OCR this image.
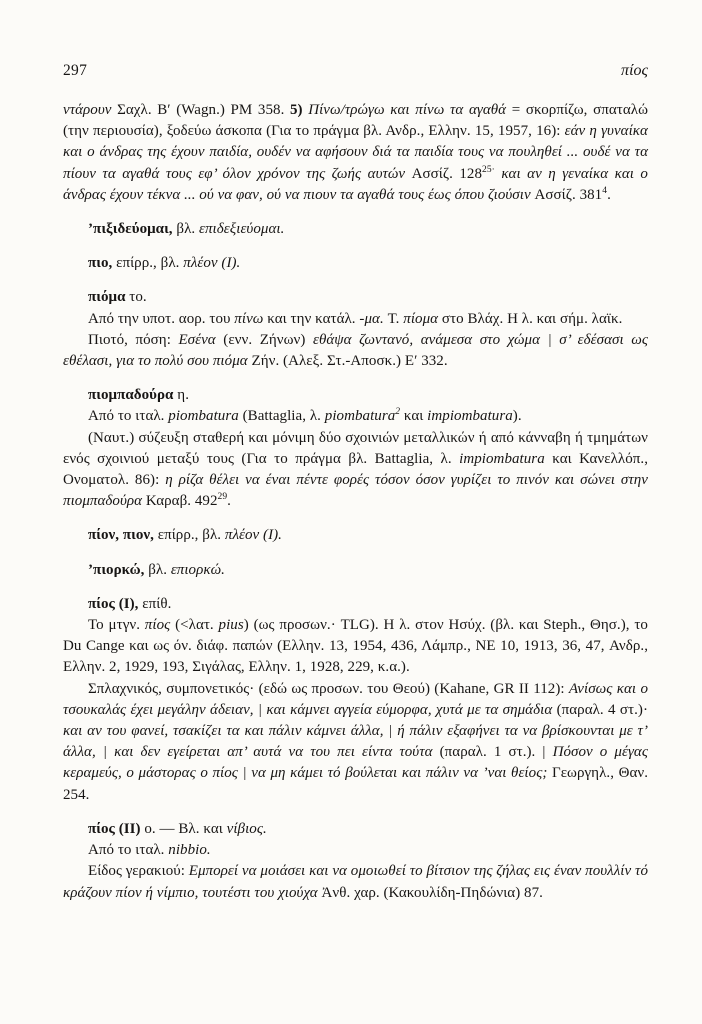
297	πίος

ντάρουν Σαχλ. Β′ (Wagn.) PM 358. 5) Πίνω/τρώγω και πίνω τα αγαθά = σκορπίζω, σπαταλώ (την περιουσία), ξοδεύω άσκοπα (Για το πράγμα βλ. Ανδρ., Ελλην. 15, 1957, 16): εάν η γυναίκα και ο άνδρας της έχουν παιδία, ουδέν να αφήσουν διά τα παιδία τους να πουληθεί ... ουδέ να τα πίουν τα αγαθά τους εφ’ όλον χρόνον της ζωής αυτών Ασσίζ. $128^{25\cdot}$ και αν η γεναίκα και ο άνδρας έχουν τέκνα ... ού να φαν, ού να πιουν τα αγαθά τους έως όπου ζιούσιν Ασσίζ. $381^4$.

’πιξιδεύομαι, βλ. επιδεξιεύομαι.

πιο, επίρρ., βλ. πλέον (Ι).

πιόμα το.

Από την υποτ. αορ. του πίνω και την κατάλ. -μα. Τ. πίομα στο Βλάχ. Η λ. και σήμ. λαϊκ.

Πιοτό, πόση: Εσένα (ενν. Ζήνων) εθάψα ζωντανό, ανάμεσα στο χώμα | σ’ εδέσασι ως εθέλασι, για το πολύ σου πιόμα Ζήν. (Αλεξ. Στ.-Αποσκ.) Ε′ 332.

πιομπαδούρα η.

Από το ιταλ. piombatura (Battaglia, λ. piombatura$^2$ και impiombatura).

(Ναυτ.) σύζευξη σταθερή και μόνιμη δύο σχοινιών μεταλλικών ή από κάνναβη ή τμημάτων ενός σχοινιού μεταξύ τους (Για το πράγμα βλ. Battaglia, λ. impiombatura και Κανελλόπ., Ονοματολ. 86): η ρίζα θέλει να έναι πέντε φορές τόσον όσον γυρίζει το πινόν και σώνει στην πιομπαδούρα Καραβ. $492^{29}$.

πίον, πιον, επίρρ., βλ. πλέον (Ι).

’πιορκώ, βλ. επιορκώ.

πίος (Ι), επίθ.

Το μτγν. πίος (<λατ. pius) (ως προσων.· TLG). Η λ. στον Ησύχ. (βλ. και Steph., Θησ.), το Du Cange και ως όν. διάφ. παπών (Ελλην. 13, 1954, 436, Λάμπρ., NE 10, 1913, 36, 47, Ανδρ., Ελλην. 2, 1929, 193, Σιγάλας, Ελλην. 1, 1928, 229, κ.α.).

Σπλαχνικός, συμπονετικός· (εδώ ως προσων. του Θεού) (Kahane, GR II 112): Ανίσως και ο τσουκαλάς έχει μεγάλην άδειαν, | και κάμνει αγγεία εύμορφα, χυτά με τα σημάδια (παραλ. 4 στ.)· και αν του φανεί, τσακίζει τα και πάλιν κάμνει άλλα, | ή πάλιν εξαφήνει τα να βρίσκουνται με τ’ άλλα, | και δεν εγείρεται απ’ αυτά να του πει είντα τούτα (παραλ. 1 στ.). | Πόσον ο μέγας κεραμεύς, ο μάστορας ο πίος | να μη κάμει τό βούλεται και πάλιν να ’ναι θείος; Γεωργηλ., Θαν. 254.

πίος (ΙΙ) ο. — Βλ. και νίβιος.

Από το ιταλ. nibbio.

Είδος γερακιού: Εμπορεί να μοιάσει και να ομοιωθεί το βίτσιον της ζήλας εις έναν πουλλίν τό κράζουν πίον ή νίμπιο, τουτέστι του χιούχα Ἀνθ. χαρ. (Κακουλίδη-Πηδώνια) 87.
